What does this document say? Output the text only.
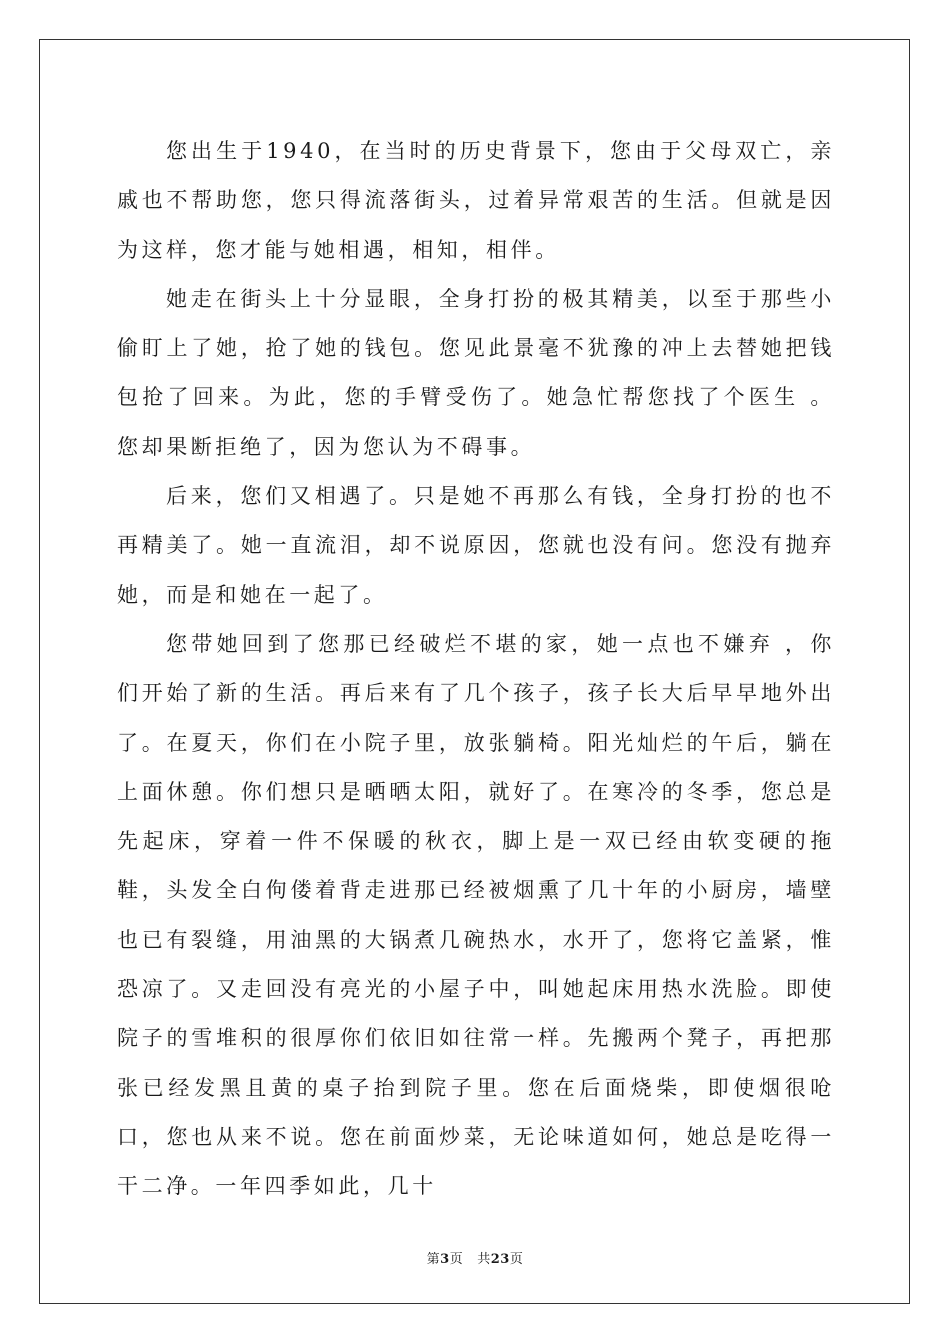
您出生于1940，在当时的历史背景下，您由于父母双亡，亲戚也不帮助您，您只得流落街头，过着异常艰苦的生活。但就是因为这样，您才能与她相遇，相知，相伴。

她走在街头上十分显眼，全身打扮的极其精美，以至于那些小偷盯上了她，抢了她的钱包。您见此景毫不犹豫的冲上去替她把钱包抢了回来。为此，您的手臂受伤了。她急忙帮您找了个医生 。您却果断拒绝了，因为您认为不碍事。

后来，您们又相遇了。只是她不再那么有钱，全身打扮的也不再精美了。她一直流泪，却不说原因，您就也没有问。您没有抛弃她，而是和她在一起了。

您带她回到了您那已经破烂不堪的家，她一点也不嫌弃 ，你们开始了新的生活。再后来有了几个孩子，孩子长大后早早地外出了。在夏天，你们在小院子里，放张躺椅。阳光灿烂的午后，躺在上面休憩。你们想只是晒晒太阳，就好了。在寒冷的冬季，您总是先起床，穿着一件不保暖的秋衣，脚上是一双已经由软变硬的拖鞋，头发全白佝偻着背走进那已经被烟熏了几十年的小厨房，墙壁也已有裂缝，用油黑的大锅煮几碗热水，水开了，您将它盖紧，惟恐凉了。又走回没有亮光的小屋子中，叫她起床用热水洗脸。即使院子的雪堆积的很厚你们依旧如往常一样。先搬两个凳子，再把那张已经发黑且黄的桌子抬到院子里。您在后面烧柴，即使烟很呛口，您也从来不说。您在前面炒菜，无论味道如何，她总是吃得一干二净。一年四季如此，几十

第3页 共23页
